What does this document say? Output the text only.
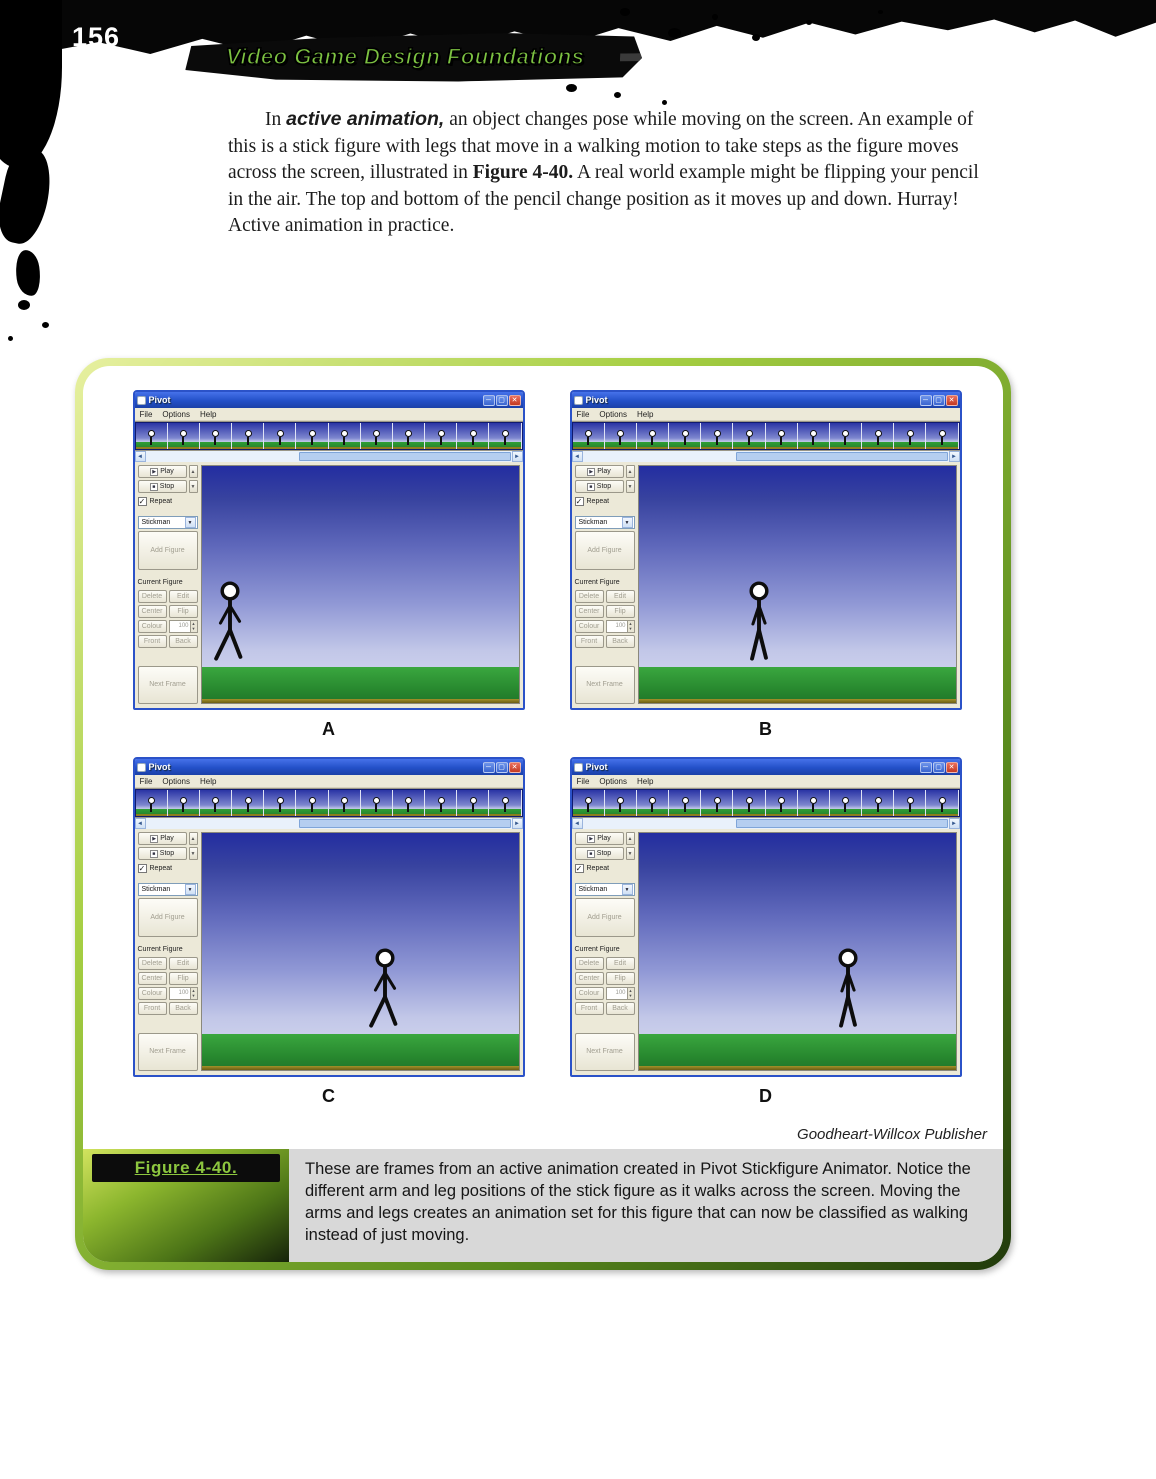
156
Video Game Design Foundations

In active animation, an object changes pose while moving on the screen. An example of this is a stick figure with legs that move in a walking motion to take steps as the figure moves across the screen, illustrated in Figure 4-40. A real world example might be flipping your pencil in the air. The top and bottom of the pencil change position as it moves up and down. Hurray! Active animation in practice.

Pivot	─	▢ ✕
File Options Help
◄	►
▶ Play	▲
■ Stop	▼
✓ Repeat
Stickman	▼
Add Figure
Current Figure
Delete	Edit
Center	Flip
Colour	100 ▲
▼
Front	Back
Next Frame
A
Pivot	─	▢ ✕
File Options Help
◄	►
▶ Play	▲
■ Stop	▼
✓ Repeat
Stickman	▼
Add Figure
Current Figure
Delete	Edit
Center	Flip
Colour	100 ▲
▼
Front	Back
Next Frame
B
Pivot	─	▢ ✕
File Options Help
◄	►
▶ Play	▲
■ Stop	▼
✓ Repeat
Stickman	▼
Add Figure
Current Figure
Delete	Edit
Center	Flip
Colour	100 ▲
▼
Front	Back
Next Frame
C
Pivot	─	▢ ✕
File Options Help
◄	►
▶ Play	▲
■ Stop	▼
✓ Repeat
Stickman	▼
Add Figure
Current Figure
Delete	Edit
Center	Flip
Colour	100 ▲
▼
Front	Back
Next Frame
D
Goodheart-Willcox Publisher
Figure 4-40.	These are frames from an active animation created in Pivot Stickfigure Animator. Notice the different arm and leg positions of the stick figure as it walks across the screen. Moving the arms and legs creates an animation set for this figure that can now be classified as walking instead of just moving.
